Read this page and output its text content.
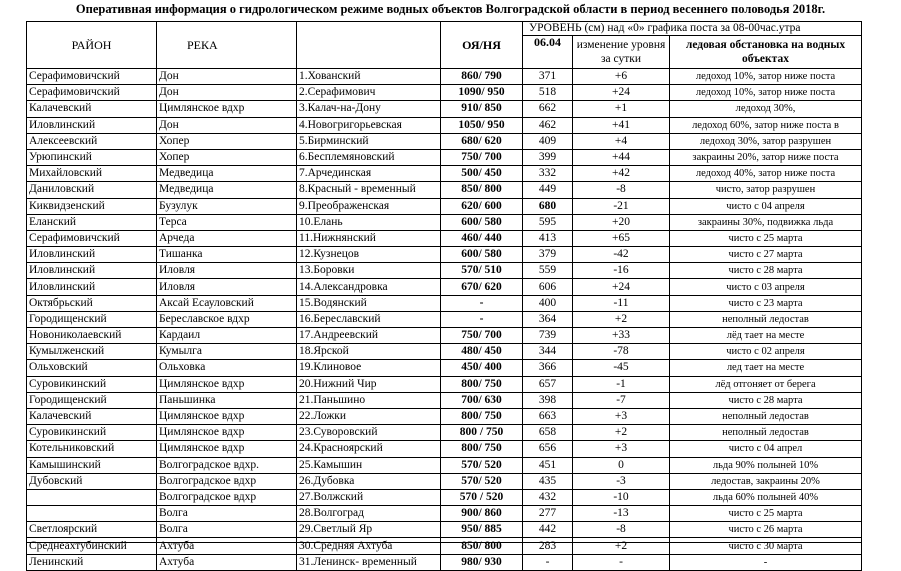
Оперативная информация о гидрологическом режиме водных объектов Волгоградской области в период весеннего половодья 2018г.
РАЙОН	РЕКА		ОЯ/НЯ	УРОВЕНЬ (см) над «0» графика поста за 08-00час.утра		
				06.04	изменение уровня за сутки	ледовая обстановка на водных объектах
Серафимовичский	Дон	1.Хованский	860/ 790	371	+6	ледоход 10%, затор ниже поста
Серафимовичский	Дон	2.Серафимович	1090/ 950	518	+24	ледоход 10%, затор ниже поста
Калачевский	Цимлянское вдхр	3.Калач-на-Дону	910/ 850	662	+1	ледоход 30%,
Иловлинский	Дон	4.Новогригорьевская	1050/ 950	462	+41	ледоход 60%, затор ниже поста в
Алексеевский	Хопер	5.Бирминский	680/ 620	409	+4	ледоход 30%, затор разрушен
Урюпинский	Хопер	6.Бесплемяновский	750/ 700	399	+44	закраины 20%, затор ниже поста
Михайловский	Медведица	7.Арчединская	500/ 450	332	+42	ледоход 40%, затор ниже поста
Даниловский	Медведица	8.Красный - временный	850/ 800	449	-8	чисто, затор разрушен
Киквидзенский	Бузулук	9.Преображенская	620/ 600	680	-21	чисто с 04 апреля
Еланский	Терса	10.Елань	600/ 580	595	+20	закраины 30%, подвижка льда
Серафимовичский	Арчеда	11.Нижнянский	460/ 440	413	+65	чисто с 25 марта
Иловлинский	Тишанка	12.Кузнецов	600/ 580	379	-42	чисто с 27 марта
Иловлинский	Иловля	13.Боровки	570/ 510	559	-16	чисто с 28 марта
Иловлинский	Иловля	14.Александровка	670/ 620	606	+24	чисто с 03 апреля
Октябрьский	Аксай Есауловский	15.Водянский	-	400	-11	чисто с 23 марта
Городищенский	Береславское вдхр	16.Береславский	-	364	+2	неполный ледостав
Новониколаевский	Кардаил	17.Андреевский	750/ 700	739	+33	лёд тает на месте
Кумылженский	Кумылга	18.Ярской	480/ 450	344	-78	чисто с 02 апреля
Ольховский	Ольховка	19.Клиновое	450/ 400	366	-45	лед тает на месте
Суровикинский	Цимлянское вдхр	20.Нижний Чир	800/ 750	657	-1	лёд отгоняет от берега
Городищенский	Паньшинка	21.Паньшино	700/ 630	398	-7	чисто с 28 марта
Калачевский	Цимлянское вдхр	22.Ложки	800/ 750	663	+3	неполный ледостав
Суровикинский	Цимлянское вдхр	23.Суворовский	800 / 750	658	+2	неполный ледостав
Котельниковский	Цимлянское вдхр	24.Красноярский	800/ 750	656	+3	чисто с 04 апрел
Камышинский	Волгоградское вдхр.	25.Камышин	570/ 520	451	0	льда 90% полыней 10%
Дубовский	Волгоградское вдхр	26.Дубовка	570/ 520	435	-3	ледостав, закраины 20%
	Волгоградское вдхр	27.Волжский	570 / 520	432	-10	льда 60% полыней 40%
	Волга	28.Волгоград	900/ 860	277	-13	чисто с 25 марта
Светлоярский	Волга	29.Светлый Яр	950/ 885	442	-8	чисто с 26 марта
Среднеахтубинский	Ахтуба	30.Средняя Ахтуба	850/ 800	283	+2	чисто с 30 марта
Ленинский	Ахтуба	31.Ленинск- временный	980/ 930	-	-	-
